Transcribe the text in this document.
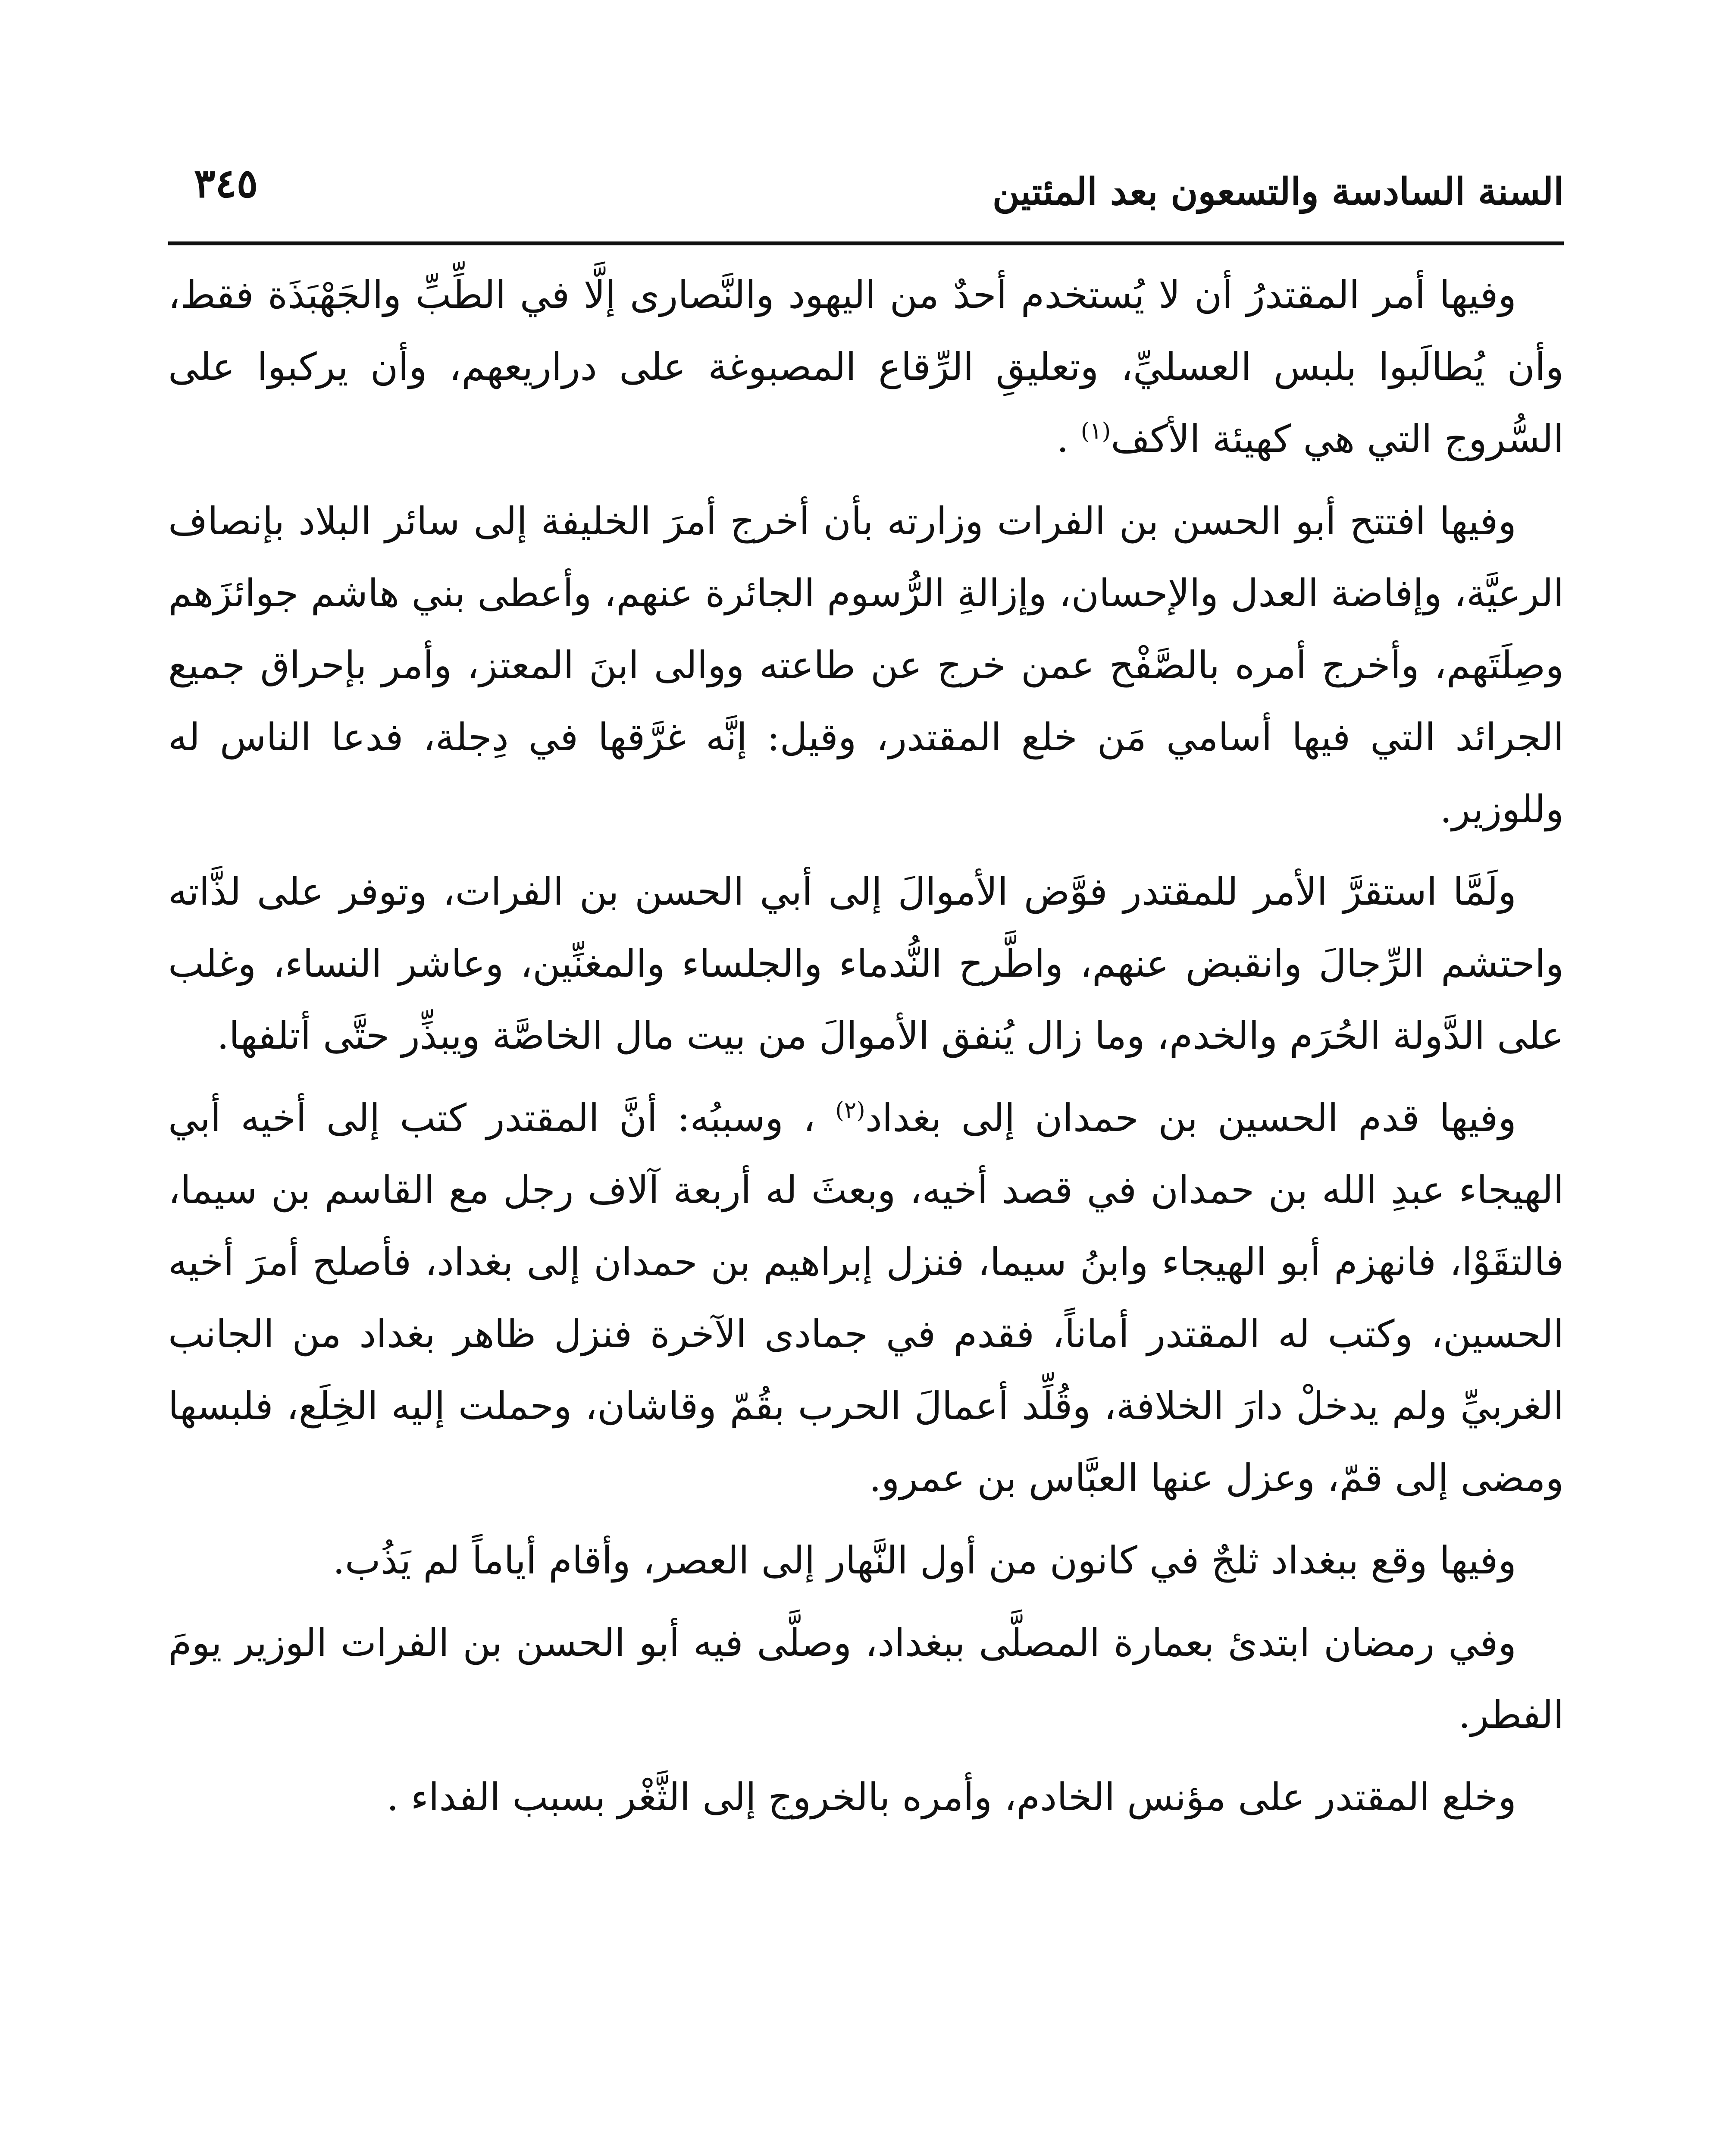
السنة السادسة والتسعون بعد المئتين
٣٤٥

وفيها أمر المقتدرُ أن لا يُستخدم أحدٌ من اليهود والنَّصارى إلَّا في الطِّبِّ والجَهْبَذَة فقط، وأن يُطالَبوا بلبس العسليِّ، وتعليقِ الرِّقاع المصبوغة على دراريعهم، وأن يركبوا على السُّروج التي هي كهيئة الأكف$^{(١)}$ .

وفيها افتتح أبو الحسن بن الفرات وزارته بأن أخرج أمرَ الخليفة إلى سائر البلاد بإنصاف الرعيَّة، وإفاضة العدل والإحسان، وإزالةِ الرُّسوم الجائرة عنهم، وأعطى بني هاشم جوائزَهم وصِلَتَهم، وأخرج أمره بالصَّفْح عمن خرج عن طاعته ووالى ابنَ المعتز، وأمر بإحراق جميع الجرائد التي فيها أسامي مَن خلع المقتدر، وقيل: إنَّه غرَّقها في دِجلة، فدعا الناس له وللوزير.

ولَمَّا استقرَّ الأمر للمقتدر فوَّض الأموالَ إلى أبي الحسن بن الفرات، وتوفر على لذَّاته واحتشم الرِّجالَ وانقبض عنهم، واطَّرح النُّدماء والجلساء والمغنِّين، وعاشر النساء، وغلب على الدَّولة الحُرَم والخدم، وما زال يُنفق الأموالَ من بيت مال الخاصَّة ويبذِّر حتَّى أتلفها.

وفيها قدم الحسين بن حمدان إلى بغداد$^{(٢)}$ ، وسببُه: أنَّ المقتدر كتب إلى أخيه أبي الهيجاء عبدِ الله بن حمدان في قصد أخيه، وبعثَ له أربعة آلاف رجل مع القاسم بن سيما، فالتقَوْا، فانهزم أبو الهيجاء وابنُ سيما، فنزل إبراهيم بن حمدان إلى بغداد، فأصلح أمرَ أخيه الحسين، وكتب له المقتدر أماناً، فقدم في جمادى الآخرة فنزل ظاهر بغداد من الجانب الغربيِّ ولم يدخلْ دارَ الخلافة، وقُلِّد أعمالَ الحرب بقُمّ وقاشان، وحملت إليه الخِلَع، فلبسها ومضى إلى قمّ، وعزل عنها العبَّاس بن عمرو.

وفيها وقع ببغداد ثلجٌ في كانون من أول النَّهار إلى العصر، وأقام أياماً لم يَذُب.

وفي رمضان ابتدئ بعمارة المصلَّى ببغداد، وصلَّى فيه أبو الحسن بن الفرات الوزير يومَ الفطر.

وخلع المقتدر على مؤنس الخادم، وأمره بالخروج إلى الثَّغْر بسبب الفداء .
